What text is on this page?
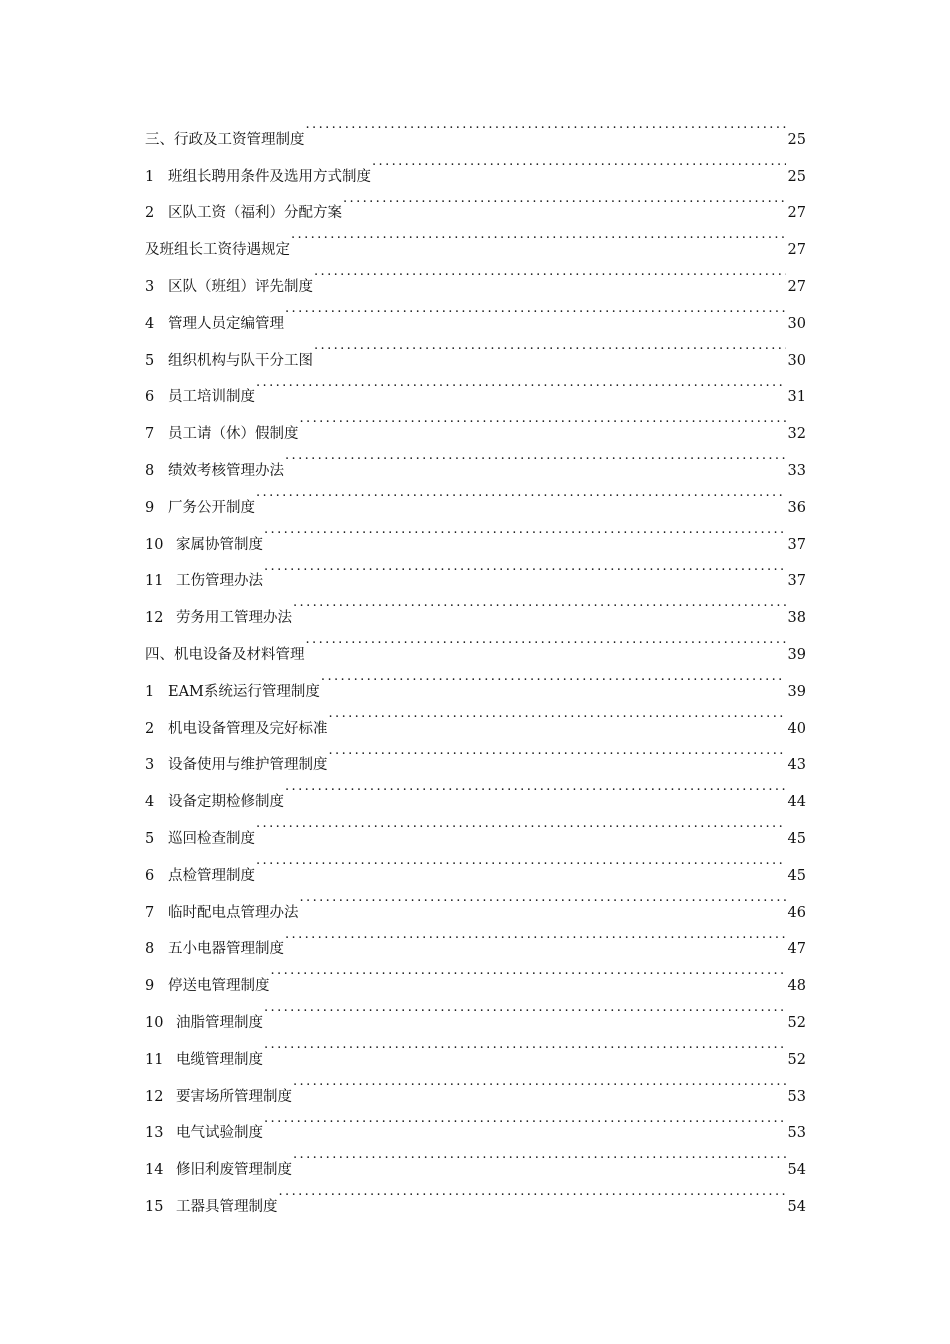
三、行政及工资管理制度 .....	25
1 班组长聘用条件及选用方式制度 .....	25
2 区队工资（福利）分配方案 .....	27
及班组长工资待遇规定 .....	27
3 区队（班组）评先制度 .....	27
4 管理人员定编管理 .....	30
5 组织机构与队干分工图 .....	30
6 员工培训制度 .....	31
7 员工请（休）假制度 .....	32
8 绩效考核管理办法 .....	33
9 厂务公开制度 .....	36
10 家属协管制度 .....	37
11 工伤管理办法 .....	37
12 劳务用工管理办法 .....	38
四、机电设备及材料管理 .....	39
1 EAM系统运行管理制度 .....	39
2 机电设备管理及完好标准 .....	40
3 设备使用与维护管理制度 .....	43
4 设备定期检修制度 .....	44
5 巡回检查制度 .....	45
6 点检管理制度 .....	45
7 临时配电点管理办法 .....	46
8 五小电器管理制度 .....	47
9 停送电管理制度 .....	48
10 油脂管理制度 .....	52
11 电缆管理制度 .....	52
12 要害场所管理制度 .....	53
13 电气试验制度 .....	53
14 修旧利废管理制度 .....	54
15 工器具管理制度 .....	54
